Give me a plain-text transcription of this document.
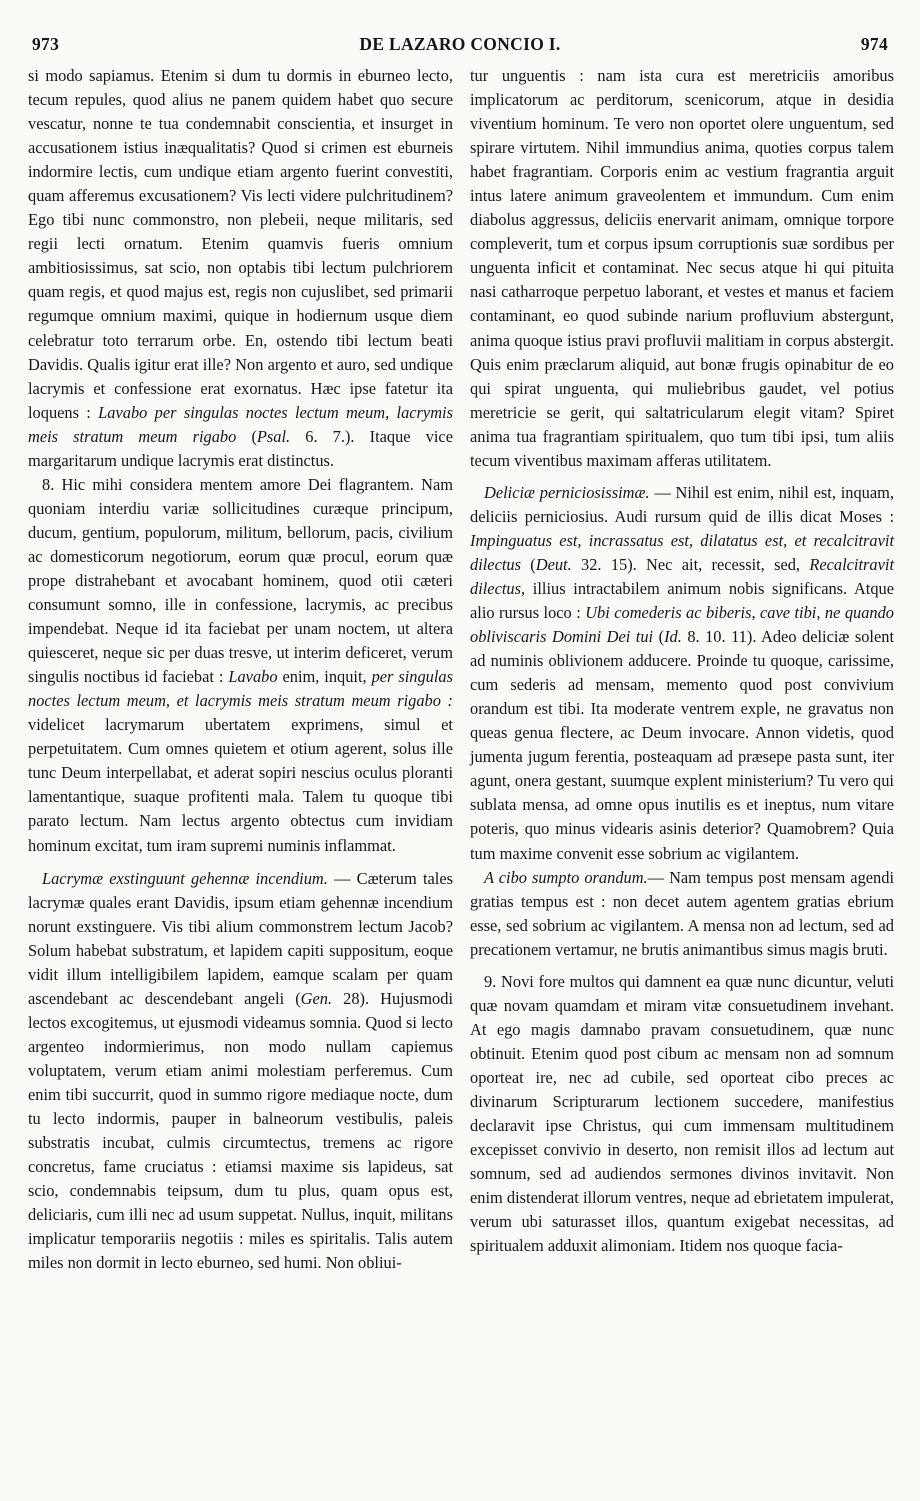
973	DE LAZARO CONCIO I.	974

si modo sapiamus. Etenim si dum tu dormis in eburneo lecto, tecum repules, quod alius ne panem quidem habet quo secure vescatur, nonne te tua condemnabit conscientia, et insurget in accusationem istius inæqualitatis? Quod si crimen est eburneis indormire lectis, cum undique etiam argento fuerint convestiti, quam afferemus excusationem? Vis lecti videre pulchritudinem? Ego tibi nunc commonstro, non plebeii, neque militaris, sed regii lecti ornatum. Etenim quamvis fueris omnium ambitiosissimus, sat scio, non optabis tibi lectum pulchriorem quam regis, et quod majus est, regis non cujuslibet, sed primarii regumque omnium maximi, quique in hodiernum usque diem celebratur toto terrarum orbe. En, ostendo tibi lectum beati Davidis. Qualis igitur erat ille? Non argento et auro, sed undique lacrymis et confessione erat exornatus. Hæc ipse fatetur ita loquens : Lavabo per singulas noctes lectum meum, lacrymis meis stratum meum rigabo (Psal. 6. 7.). Itaque vice margaritarum undique lacrymis erat distinctus.

8. Hic mihi considera mentem amore Dei flagrantem. Nam quoniam interdiu variæ sollicitudines curæque principum, ducum, gentium, populorum, militum, bellorum, pacis, civilium ac domesticorum negotiorum, eorum quæ procul, eorum quæ prope distrahebant et avocabant hominem, quod otii cæteri consumunt somno, ille in confessione, lacrymis, ac precibus impendebat. Neque id ita faciebat per unam noctem, ut altera quiesceret, neque sic per duas tresve, ut interim deficeret, verum singulis noctibus id faciebat : Lavabo enim, inquit, per singulas noctes lectum meum, et lacrymis meis stratum meum rigabo : videlicet lacrymarum ubertatem exprimens, simul et perpetuitatem. Cum omnes quietem et otium agerent, solus ille tunc Deum interpellabat, et aderat sopiri nescius oculus ploranti lamentantique, suaque profitenti mala. Talem tu quoque tibi parato lectum. Nam lectus argento obtectus cum invidiam hominum excitat, tum iram supremi numinis inflammat.

Lacrymæ exstinguunt gehennæ incendium. — Cæterum tales lacrymæ quales erant Davidis, ipsum etiam gehennæ incendium norunt exstinguere. Vis tibi alium commonstrem lectum Jacob? Solum habebat substratum, et lapidem capiti suppositum, eoque vidit illum intelligibilem lapidem, eamque scalam per quam ascendebant ac descendebant angeli (Gen. 28). Hujusmodi lectos excogitemus, ut ejusmodi videamus somnia. Quod si lecto argenteo indormierimus, non modo nullam capiemus voluptatem, verum etiam animi molestiam perferemus. Cum enim tibi succurrit, quod in summo rigore mediaque nocte, dum tu lecto indormis, pauper in balneorum vestibulis, paleis substratis incubat, culmis circumtectus, tremens ac rigore concretus, fame cruciatus : etiamsi maxime sis lapideus, sat scio, condemnabis teipsum, dum tu plus, quam opus est, deliciaris, cum illi nec ad usum suppetat. Nullus, inquit, militans implicatur temporariis negotiis : miles es spiritalis. Talis autem miles non dormit in lecto eburneo, sed humi. Non obliui-

tur unguentis : nam ista cura est meretriciis amoribus implicatorum ac perditorum, scenicorum, atque in desidia viventium hominum. Te vero non oportet olere unguentum, sed spirare virtutem. Nihil immundius anima, quoties corpus talem habet fragrantiam. Corporis enim ac vestium fragrantia arguit intus latere animum graveolentem et immundum. Cum enim diabolus aggressus, deliciis enervarit animam, omnique torpore compleverit, tum et corpus ipsum corruptionis suæ sordibus per unguenta inficit et contaminat. Nec secus atque hi qui pituita nasi catharroque perpetuo laborant, et vestes et manus et faciem contaminant, eo quod subinde narium profluvium abstergunt, anima quoque istius pravi profluvii malitiam in corpus abstergit. Quis enim præclarum aliquid, aut bonæ frugis opinabitur de eo qui spirat unguenta, qui muliebribus gaudet, vel potius meretricie se gerit, qui saltatricularum elegit vitam? Spiret anima tua fragrantiam spiritualem, quo tum tibi ipsi, tum aliis tecum viventibus maximam afferas utilitatem.

Deliciæ perniciosissimæ. — Nihil est enim, nihil est, inquam, deliciis perniciosius. Audi rursum quid de illis dicat Moses : Impinguatus est, incrassatus est, dilatatus est, et recalcitravit dilectus (Deut. 32. 15). Nec ait, recessit, sed, Recalcitravit dilectus, illius intractabilem animum nobis significans. Atque alio rursus loco : Ubi comederis ac biberis, cave tibi, ne quando obliviscaris Domini Dei tui (Id. 8. 10. 11). Adeo deliciæ solent ad numinis oblivionem adducere. Proinde tu quoque, carissime, cum sederis ad mensam, memento quod post convivium orandum est tibi. Ita moderate ventrem exple, ne gravatus non queas genua flectere, ac Deum invocare. Annon videtis, quod jumenta jugum ferentia, posteaquam ad præsepe pasta sunt, iter agunt, onera gestant, suumque explent ministerium? Tu vero qui sublata mensa, ad omne opus inutilis es et ineptus, num vitare poteris, quo minus videaris asinis deterior? Quamobrem? Quia tum maxime convenit esse sobrium ac vigilantem.

A cibo sumpto orandum.— Nam tempus post mensam agendi gratias tempus est : non decet autem agentem gratias ebrium esse, sed sobrium ac vigilantem. A mensa non ad lectum, sed ad precationem vertamur, ne brutis animantibus simus magis bruti.

9. Novi fore multos qui damnent ea quæ nunc dicuntur, veluti quæ novam quamdam et miram vitæ consuetudinem invehant. At ego magis damnabo pravam consuetudinem, quæ nunc obtinuit. Etenim quod post cibum ac mensam non ad somnum oporteat ire, nec ad cubile, sed oporteat cibo preces ac divinarum Scripturarum lectionem succedere, manifestius declaravit ipse Christus, qui cum immensam multitudinem excepisset convivio in deserto, non remisit illos ad lectum aut somnum, sed ad audiendos sermones divinos invitavit. Non enim distenderat illorum ventres, neque ad ebrietatem impulerat, verum ubi saturasset illos, quantum exigebat necessitas, ad spiritualem adduxit alimoniam. Itidem nos quoque facia-
